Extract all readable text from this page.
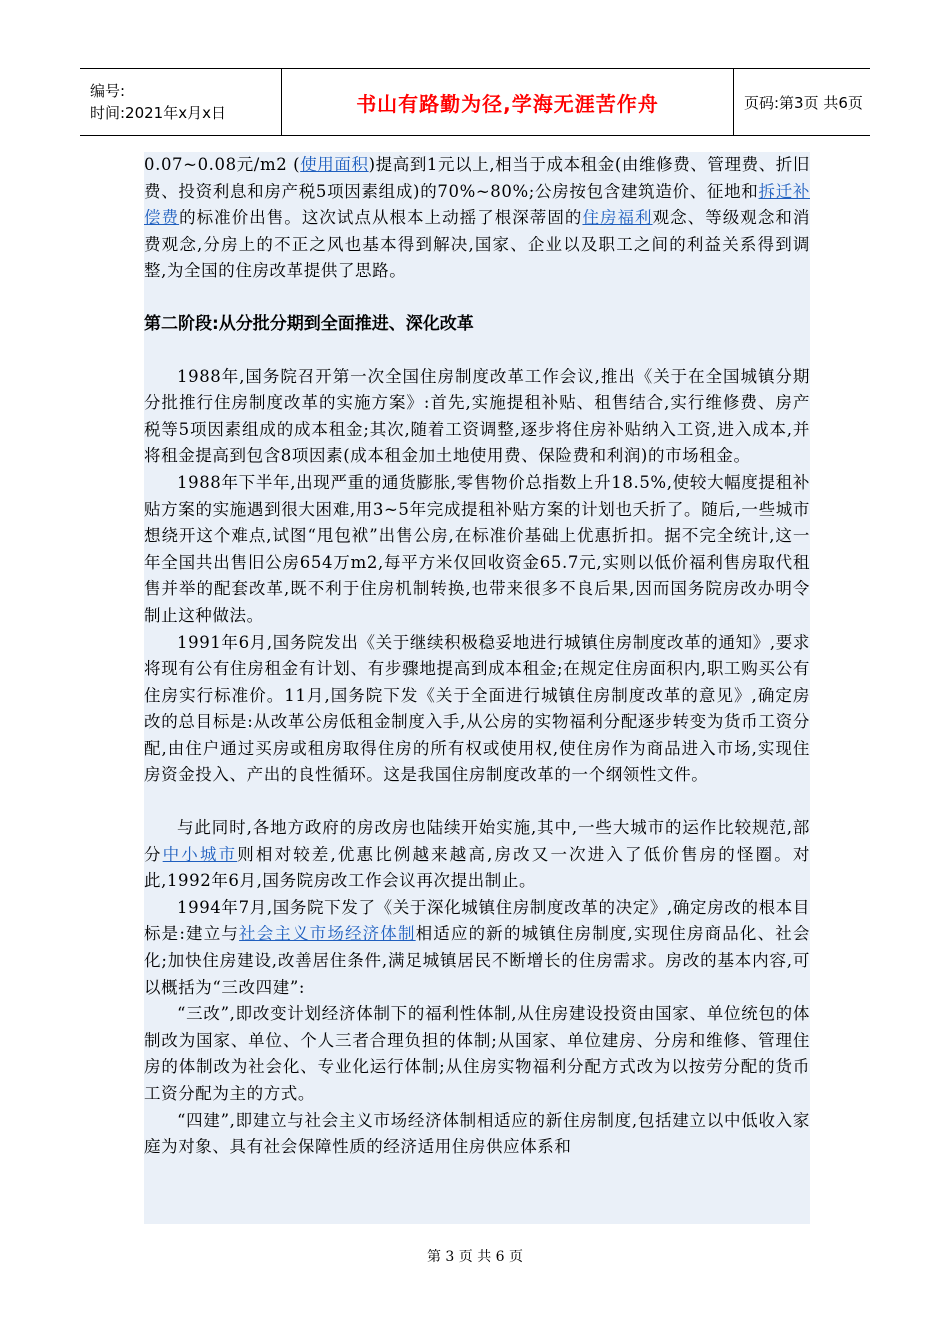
编号:
时间:2021年x月x日	书山有路勤为径,学海无涯苦作舟	页码:第3页 共6页

0.07~0.08元/m2 (使用面积)提高到1元以上,相当于成本租金(由维修费、管理费、折旧费、投资利息和房产税5项因素组成)的70%~80%;公房按包含建筑造价、征地和拆迁补偿费的标准价出售。这次试点从根本上动摇了根深蒂固的住房福利观念、等级观念和消费观念,分房上的不正之风也基本得到解决,国家、企业以及职工之间的利益关系得到调整,为全国的住房改革提供了思路。

第二阶段:从分批分期到全面推进、深化改革

1988年,国务院召开第一次全国住房制度改革工作会议,推出《关于在全国城镇分期分批推行住房制度改革的实施方案》:首先,实施提租补贴、租售结合,实行维修费、房产税等5项因素组成的成本租金;其次,随着工资调整,逐步将住房补贴纳入工资,进入成本,并将租金提高到包含8项因素(成本租金加土地使用费、保险费和利润)的市场租金。

1988年下半年,出现严重的通货膨胀,零售物价总指数上升18.5%,使较大幅度提租补贴方案的实施遇到很大困难,用3~5年完成提租补贴方案的计划也夭折了。随后,一些城市想绕开这个难点,试图“甩包袱”出售公房,在标准价基础上优惠折扣。据不完全统计,这一年全国共出售旧公房654万m2,每平方米仅回收资金65.7元,实则以低价福利售房取代租售并举的配套改革,既不利于住房机制转换,也带来很多不良后果,因而国务院房改办明令制止这种做法。

1991年6月,国务院发出《关于继续积极稳妥地进行城镇住房制度改革的通知》,要求将现有公有住房租金有计划、有步骤地提高到成本租金;在规定住房面积内,职工购买公有住房实行标准价。11月,国务院下发《关于全面进行城镇住房制度改革的意见》,确定房改的总目标是:从改革公房低租金制度入手,从公房的实物福利分配逐步转变为货币工资分配,由住户通过买房或租房取得住房的所有权或使用权,使住房作为商品进入市场,实现住房资金投入、产出的良性循环。这是我国住房制度改革的一个纲领性文件。

与此同时,各地方政府的房改房也陆续开始实施,其中,一些大城市的运作比较规范,部分中小城市则相对较差,优惠比例越来越高,房改又一次进入了低价售房的怪圈。对此,1992年6月,国务院房改工作会议再次提出制止。

1994年7月,国务院下发了《关于深化城镇住房制度改革的决定》,确定房改的根本目标是:建立与社会主义市场经济体制相适应的新的城镇住房制度,实现住房商品化、社会化;加快住房建设,改善居住条件,满足城镇居民不断增长的住房需求。房改的基本内容,可以概括为“三改四建”:

“三改”,即改变计划经济体制下的福利性体制,从住房建设投资由国家、单位统包的体制改为国家、单位、个人三者合理负担的体制;从国家、单位建房、分房和维修、管理住房的体制改为社会化、专业化运行体制;从住房实物福利分配方式改为以按劳分配的货币工资分配为主的方式。

“四建”,即建立与社会主义市场经济体制相适应的新住房制度,包括建立以中低收入家庭为对象、具有社会保障性质的经济适用住房供应体系和

第 3 页 共 6 页
